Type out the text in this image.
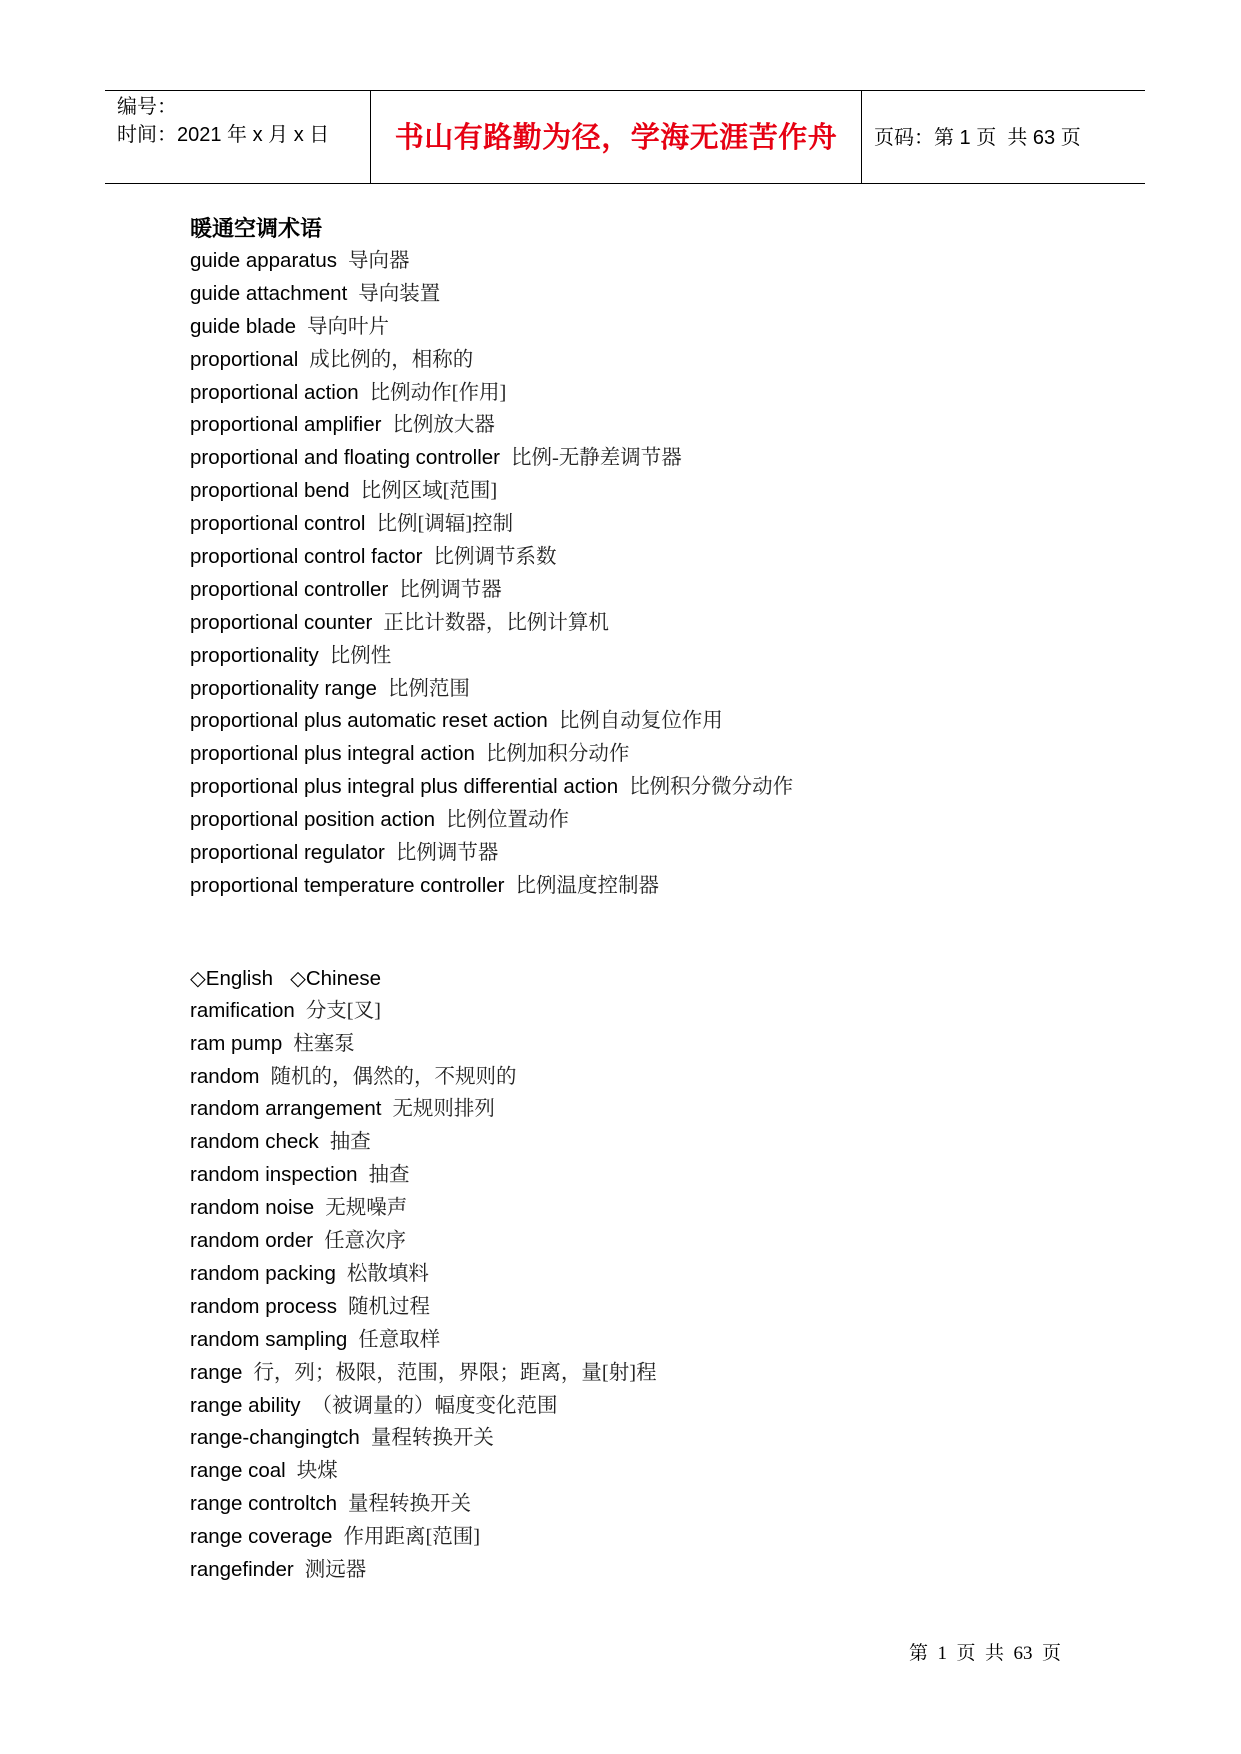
编号：
时间：2021 年 x 月 x 日	书山有路勤为径，学海无涯苦作舟	页码：第 1 页  共 63 页
暖通空调术语
guide apparatus 导向器
guide attachment 导向装置
guide blade 导向叶片
proportional 成比例的，相称的
proportional action 比例动作[作用]
proportional amplifier 比例放大器
proportional and floating controller 比例-无静差调节器
proportional bend 比例区域[范围]
proportional control 比例[调辐]控制
proportional control factor 比例调节系数
proportional controller 比例调节器
proportional counter 正比计数器，比例计算机
proportionality 比例性
proportionality range 比例范围
proportional plus automatic reset action 比例自动复位作用
proportional plus integral action 比例加积分动作
proportional plus integral plus differential action 比例积分微分动作
proportional position action 比例位置动作
proportional regulator 比例调节器
proportional temperature controller 比例温度控制器
◇English   ◇Chinese
ramification 分支[叉]
ram pump 柱塞泵
random 随机的，偶然的，不规则的
random arrangement 无规则排列
random check 抽查
random inspection 抽查
random noise 无规噪声
random order 任意次序
random packing 松散填料
random process 随机过程
random sampling 任意取样
range 行，列；极限，范围，界限；距离，量[射]程
range ability （被调量的）幅度变化范围
range-changingtch 量程转换开关
range coal 块煤
range controltch 量程转换开关
range coverage 作用距离[范围]
rangefinder 测远器
第  1  页  共  63  页
